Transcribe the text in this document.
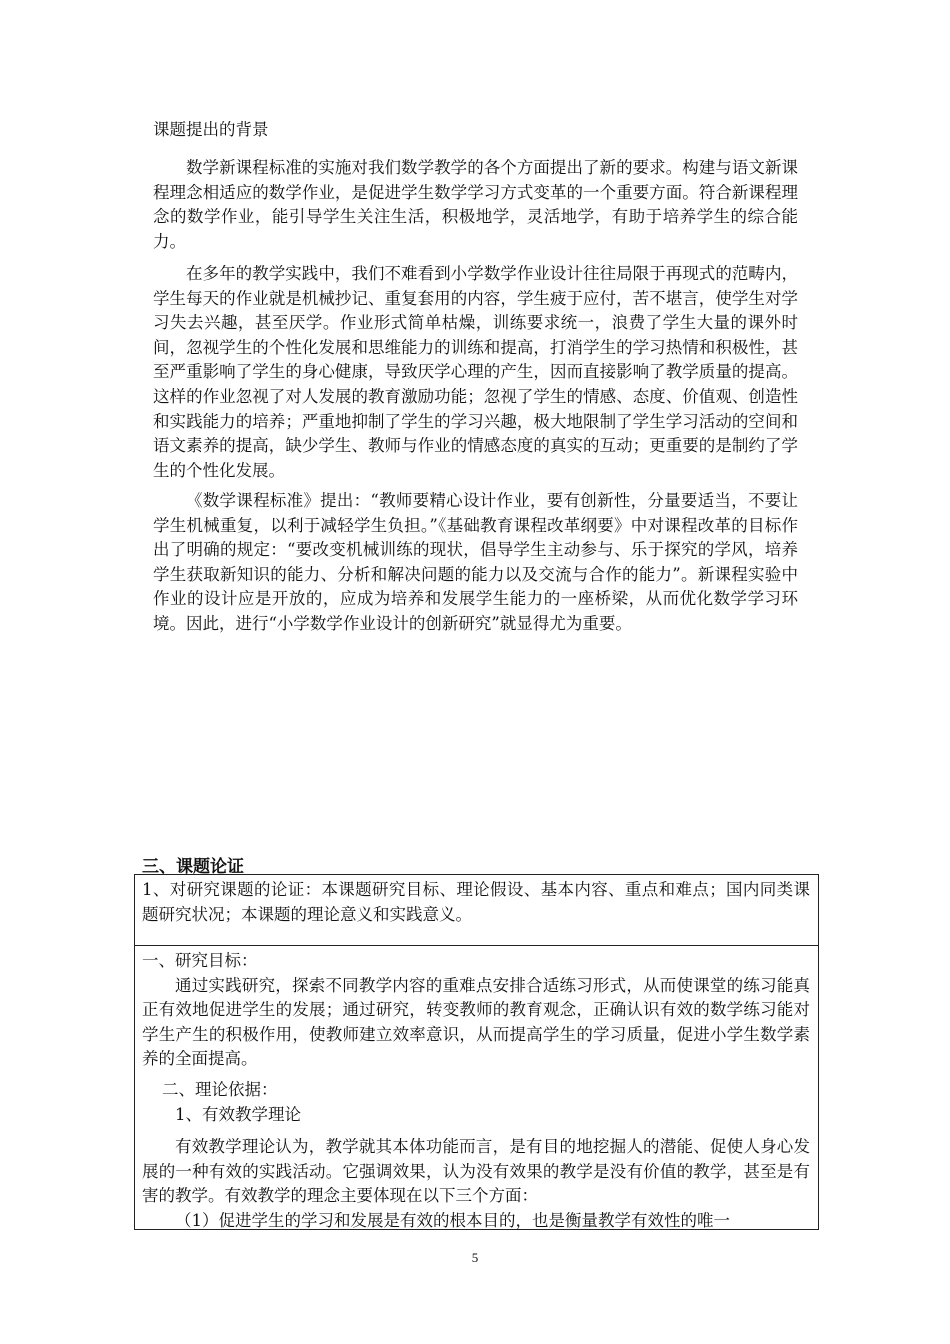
课题提出的背景

数学新课程标准的实施对我们数学教学的各个方面提出了新的要求。构建与语文新课程理念相适应的数学作业，是促进学生数学学习方式变革的一个重要方面。符合新课程理念的数学作业，能引导学生关注生活，积极地学，灵活地学，有助于培养学生的综合能力。

在多年的教学实践中，我们不难看到小学数学作业设计往往局限于再现式的范畴内，学生每天的作业就是机械抄记、重复套用的内容，学生疲于应付，苦不堪言，使学生对学习失去兴趣，甚至厌学。作业形式简单枯燥，训练要求统一，浪费了学生大量的课外时间，忽视学生的个性化发展和思维能力的训练和提高，打消学生的学习热情和积极性，甚至严重影响了学生的身心健康，导致厌学心理的产生，因而直接影响了教学质量的提高。这样的作业忽视了对人发展的教育激励功能；忽视了学生的情感、态度、价值观、创造性和实践能力的培养；严重地抑制了学生的学习兴趣，极大地限制了学生学习活动的空间和语文素养的提高，缺少学生、教师与作业的情感态度的真实的互动；更重要的是制约了学生的个性化发展。

《数学课程标准》提出：“教师要精心设计作业，要有创新性，分量要适当，不要让学生机械重复，以利于减轻学生负担。”《基础教育课程改革纲要》中对课程改革的目标作出了明确的规定：“要改变机械训练的现状，倡导学生主动参与、乐于探究的学风，培养学生获取新知识的能力、分析和解决问题的能力以及交流与合作的能力”。新课程实验中作业的设计应是开放的，应成为培养和发展学生能力的一座桥梁，从而优化数学学习环境。因此，进行“小学数学作业设计的创新研究”就显得尤为重要。

三、课题论证

1、对研究课题的论证：本课题研究目标、理论假设、基本内容、重点和难点；国内同类课题研究状况；本课题的理论意义和实践意义。

一、研究目标：

通过实践研究，探索不同教学内容的重难点安排合适练习形式，从而使课堂的练习能真正有效地促进学生的发展；通过研究，转变教师的教育观念，正确认识有效的数学练习能对学生产生的积极作用，使教师建立效率意识，从而提高学生的学习质量，促进小学生数学素养的全面提高。

二、理论依据：

1、有效教学理论

有效教学理论认为，教学就其本体功能而言，是有目的地挖掘人的潜能、促使人身心发展的一种有效的实践活动。它强调效果，认为没有效果的教学是没有价值的教学，甚至是有害的教学。有效教学的理念主要体现在以下三个方面：

（1）促进学生的学习和发展是有效的根本目的，也是衡量教学有效性的唯一

5
